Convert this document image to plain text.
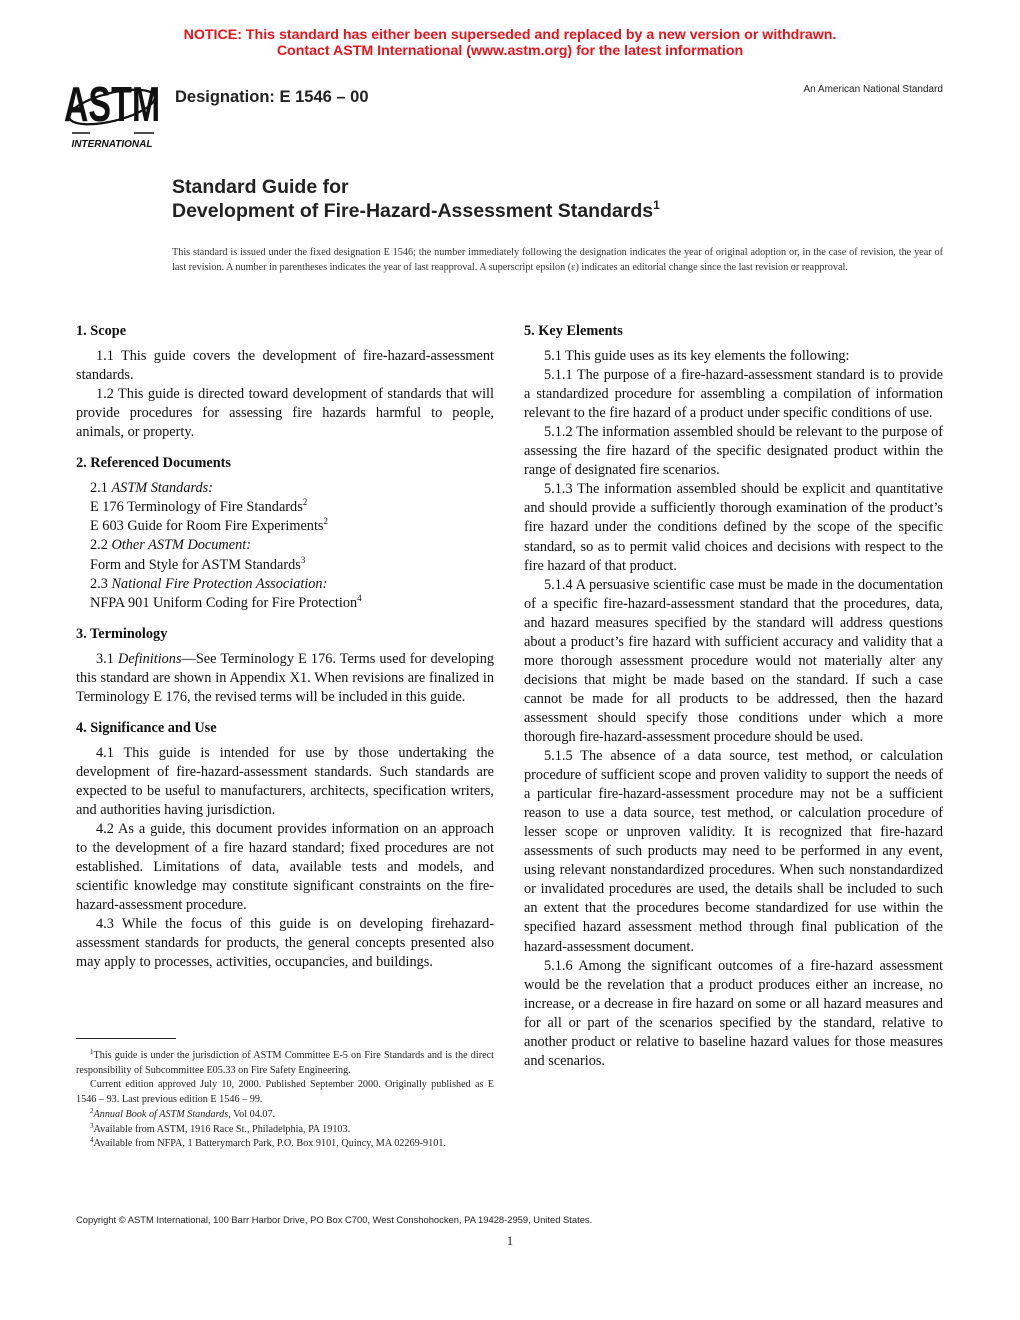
NOTICE: This standard has either been superseded and replaced by a new version or withdrawn.
Contact ASTM International (www.astm.org) for the latest information
ASTM
INTERNATIONAL
Designation: E 1546 – 00	An American National Standard
Standard Guide for
Development of Fire-Hazard-Assessment Standards$^1$
This standard is issued under the fixed designation E 1546; the number immediately following the designation indicates the year of original adoption or, in the case of revision, the year of last revision. A number in parentheses indicates the year of last reapproval. A superscript epsilon (ε) indicates an editorial change since the last revision or reapproval.
1. Scope

1.1 This guide covers the development of fire-hazard-assessment standards.

1.2 This guide is directed toward development of standards that will provide procedures for assessing fire hazards harmful to people, animals, or property.

2. Referenced Documents

2.1 ASTM Standards:

E 176 Terminology of Fire Standards$^2$

E 603 Guide for Room Fire Experiments$^2$

2.2 Other ASTM Document:

Form and Style for ASTM Standards$^3$

2.3 National Fire Protection Association:

NFPA 901 Uniform Coding for Fire Protection$^4$

3. Terminology

3.1 Definitions—See Terminology E 176. Terms used for developing this standard are shown in Appendix X1. When revisions are finalized in Terminology E 176, the revised terms will be included in this guide.

4. Significance and Use

4.1 This guide is intended for use by those undertaking the development of fire-hazard-assessment standards. Such standards are expected to be useful to manufacturers, architects, specification writers, and authorities having jurisdiction.

4.2 As a guide, this document provides information on an approach to the development of a fire hazard standard; fixed procedures are not established. Limitations of data, available tests and models, and scientific knowledge may constitute significant constraints on the fire-hazard-assessment procedure.

4.3 While the focus of this guide is on developing firehazard-assessment standards for products, the general concepts presented also may apply to processes, activities, occupancies, and buildings.

$^1$This guide is under the jurisdiction of ASTM Committee E-5 on Fire Standards and is the direct responsibility of Subcommittee E05.33 on Fire Safety Engineering.

Current edition approved July 10, 2000. Published September 2000. Originally published as E 1546 – 93. Last previous edition E 1546 – 99.

$^2$Annual Book of ASTM Standards, Vol 04.07.

$^3$Available from ASTM, 1916 Race St., Philadelphia, PA 19103.

$^4$Available from NFPA, 1 Batterymarch Park, P.O. Box 9101, Quincy, MA 02269-9101.

5. Key Elements

5.1 This guide uses as its key elements the following:

5.1.1 The purpose of a fire-hazard-assessment standard is to provide a standardized procedure for assembling a compilation of information relevant to the fire hazard of a product under specific conditions of use.

5.1.2 The information assembled should be relevant to the purpose of assessing the fire hazard of the specific designated product within the range of designated fire scenarios.

5.1.3 The information assembled should be explicit and quantitative and should provide a sufficiently thorough examination of the product’s fire hazard under the conditions defined by the scope of the specific standard, so as to permit valid choices and decisions with respect to the fire hazard of that product.

5.1.4 A persuasive scientific case must be made in the documentation of a specific fire-hazard-assessment standard that the procedures, data, and hazard measures specified by the standard will address questions about a product’s fire hazard with sufficient accuracy and validity that a more thorough assessment procedure would not materially alter any decisions that might be made based on the standard. If such a case cannot be made for all products to be addressed, then the hazard assessment should specify those conditions under which a more thorough fire-hazard-assessment procedure should be used.

5.1.5 The absence of a data source, test method, or calculation procedure of sufficient scope and proven validity to support the needs of a particular fire-hazard-assessment procedure may not be a sufficient reason to use a data source, test method, or calculation procedure of lesser scope or unproven validity. It is recognized that fire-hazard assessments of such products may need to be performed in any event, using relevant nonstandardized procedures. When such nonstandardized or invalidated procedures are used, the details shall be included to such an extent that the procedures become standardized for use within the specified hazard assessment method through final publication of the hazard-assessment document.

5.1.6 Among the significant outcomes of a fire-hazard assessment would be the revelation that a product produces either an increase, no increase, or a decrease in fire hazard on some or all hazard measures and for all or part of the scenarios specified by the standard, relative to another product or relative to baseline hazard values for those measures and scenarios.

Copyright © ASTM International, 100 Barr Harbor Drive, PO Box C700, West Conshohocken, PA 19428-2959, United States.
1
